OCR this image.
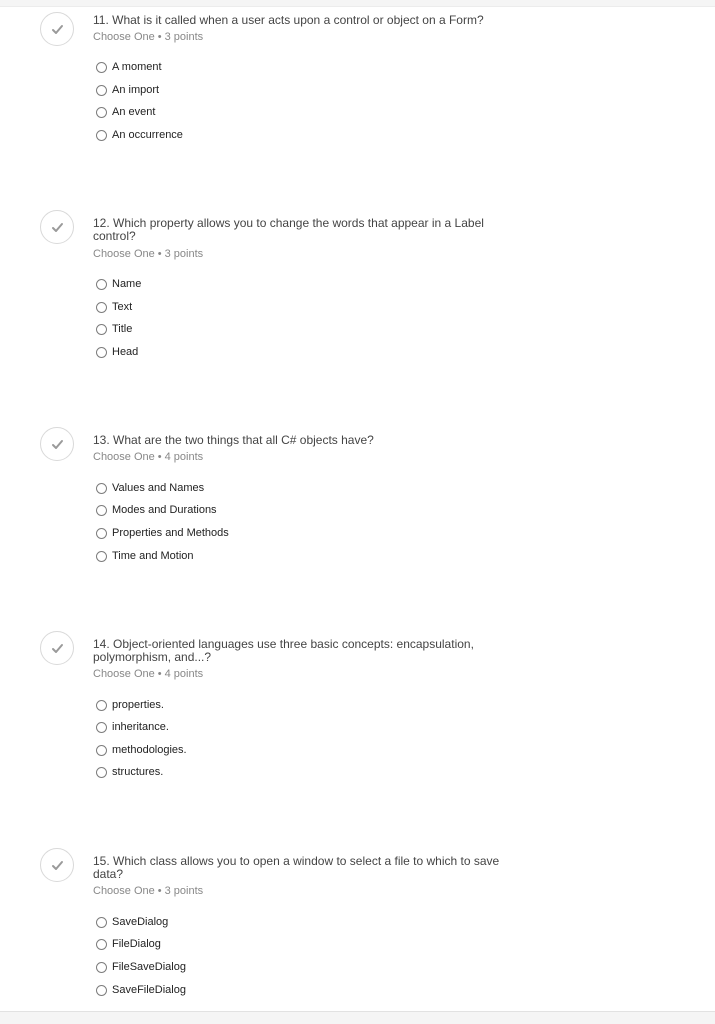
11. What is it called when a user acts upon a control or object on a Form?

Choose One • 3 points
A moment
An import
An event
An occurrence

12. Which property allows you to change the words that appear in a Label control?

Choose One • 3 points
Name
Text
Title
Head

13. What are the two things that all C# objects have?

Choose One • 4 points
Values and Names
Modes and Durations
Properties and Methods
Time and Motion

14. Object-oriented languages use three basic concepts: encapsulation, polymorphism, and...?

Choose One • 4 points
properties.
inheritance.
methodologies.
structures.

15. Which class allows you to open a window to select a file to which to save data?

Choose One • 3 points
SaveDialog
FileDialog
FileSaveDialog
SaveFileDialog
